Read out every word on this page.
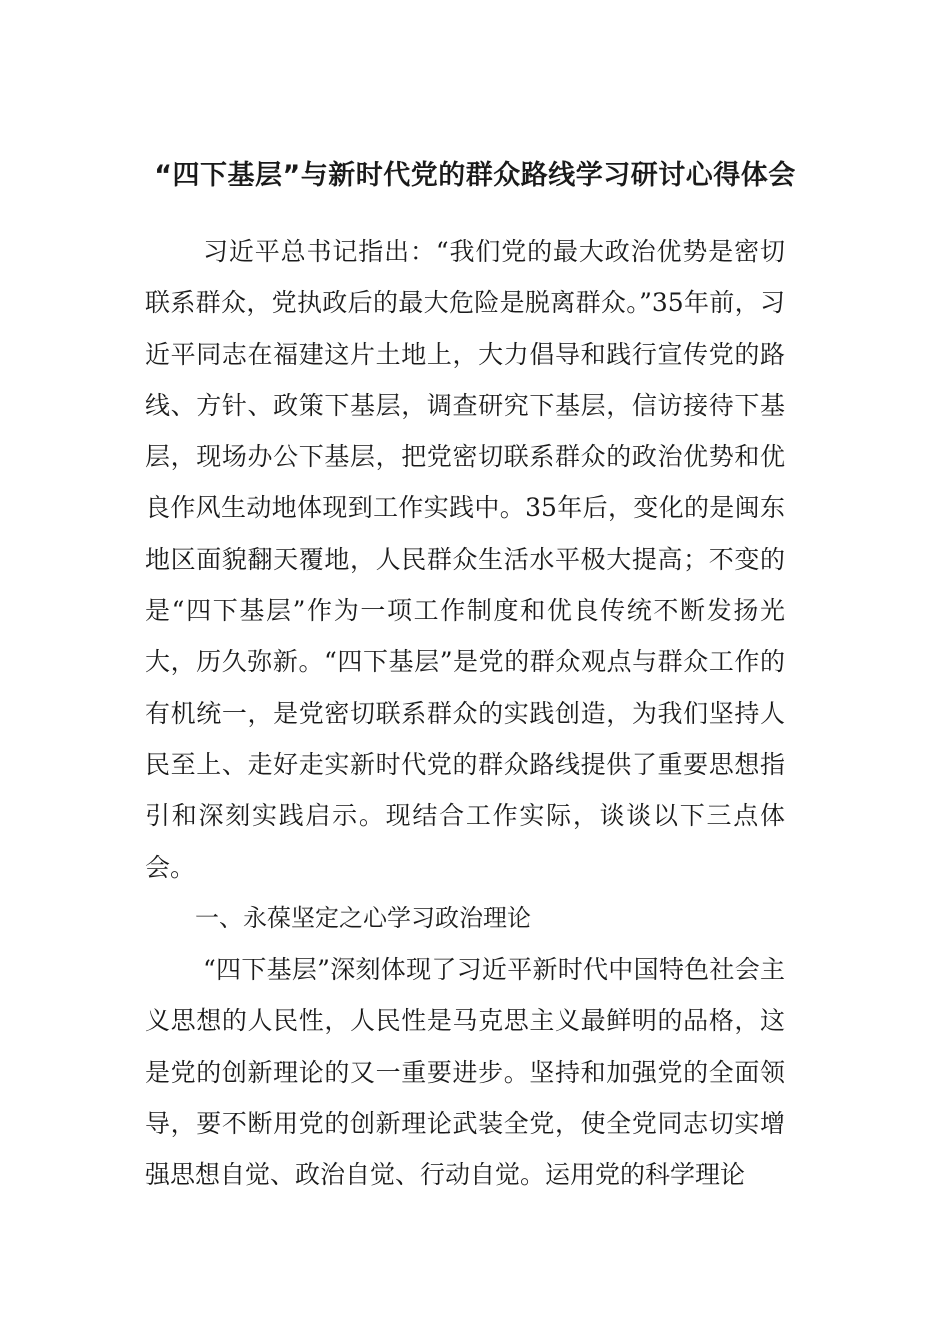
“四下基层”与新时代党的群众路线学习研讨心得体会

习近平总书记指出：“我们党的最大政治优势是密切联系群众，党执政后的最大危险是脱离群众。”35年前，习近平同志在福建这片土地上，大力倡导和践行宣传党的路线、方针、政策下基层，调查研究下基层，信访接待下基层，现场办公下基层，把党密切联系群众的政治优势和优良作风生动地体现到工作实践中。35年后，变化的是闽东地区面貌翻天覆地，人民群众生活水平极大提高；不变的是“四下基层”作为一项工作制度和优良传统不断发扬光大，历久弥新。“四下基层”是党的群众观点与群众工作的有机统一，是党密切联系群众的实践创造，为我们坚持人民至上、走好走实新时代党的群众路线提供了重要思想指引和深刻实践启示。现结合工作实际，谈谈以下三点体会。

一、永葆坚定之心学习政治理论

“四下基层”深刻体现了习近平新时代中国特色社会主义思想的人民性，人民性是马克思主义最鲜明的品格，这是党的创新理论的又一重要进步。坚持和加强党的全面领导，要不断用党的创新理论武装全党，使全党同志切实增强思想自觉、政治自觉、行动自觉。运用党的科学理论
